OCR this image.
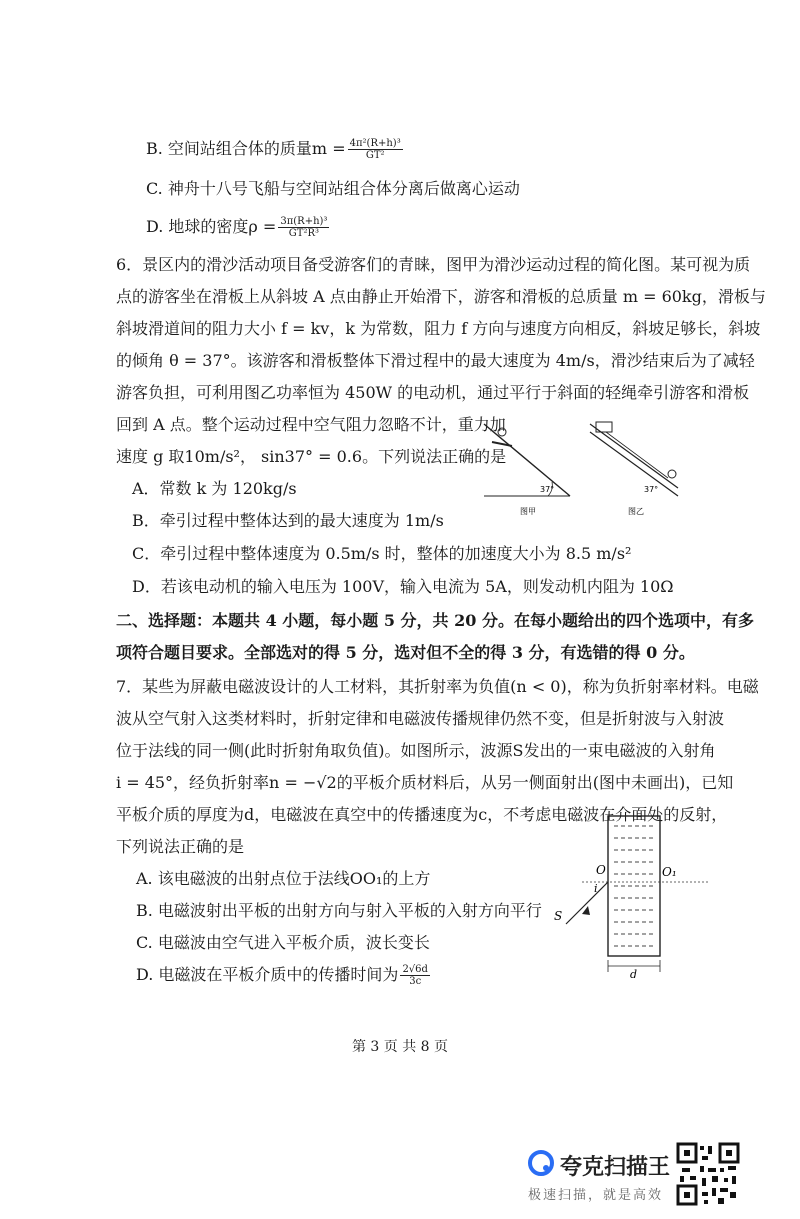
B. 空间站组合体的质量$m = \frac{\text{4π²(R+h)³}}{\text{GT²}}$
C. 神舟十八号飞船与空间站组合体分离后做离心运动
D. 地球的密度$\rho = \frac{\text{3π(R+h)³}}{\text{GT²R³}}$
6．景区内的滑沙活动项目备受游客们的青睐，图甲为滑沙运动过程的简化图。某可视为质
点的游客坐在滑板上从斜坡 A 点由静止开始滑下，游客和滑板的总质量 m = 60kg，滑板与
斜坡滑道间的阻力大小 f = kv，k 为常数，阻力 f 方向与速度方向相反，斜坡足够长，斜坡
的倾角 θ = 37°。该游客和滑板整体下滑过程中的最大速度为 4m/s，滑沙结束后为了减轻
游客负担，可利用图乙功率恒为 450W 的电动机，通过平行于斜面的轻绳牵引游客和滑板
回到 A 点。整个运动过程中空气阻力忽略不计，重力加
速度 g 取10m/s²， sin37° = 0.6。下列说法正确的是
A．常数 k 为 120kg/s
B．牵引过程中整体达到的最大速度为 1m/s
C．牵引过程中整体速度为 0.5m/s 时，整体的加速度大小为 8.5 m/s²
D．若该电动机的输入电压为 100V，输入电流为 5A，则发动机内阻为 10Ω
37°
图甲
37°
图乙
二、选择题：本题共 4 小题，每小题 5 分，共 20 分。在每小题给出的四个选项中，有多
项符合题目要求。全部选对的得 5 分，选对但不全的得 3 分，有选错的得 0 分。
7．某些为屏蔽电磁波设计的人工材料，其折射率为负值(n < 0)，称为负折射率材料。电磁
波从空气射入这类材料时，折射定律和电磁波传播规律仍然不变，但是折射波与入射波
位于法线的同一侧(此时折射角取负值)。如图所示，波源S发出的一束电磁波的入射角
i = 45°，经负折射率n = −√2的平板介质材料后，从另一侧面射出(图中未画出)，已知
平板介质的厚度为d，电磁波在真空中的传播速度为c，不考虑电磁波在介面处的反射，
下列说法正确的是
A. 该电磁波的出射点位于法线OO₁的上方
B. 电磁波射出平板的出射方向与射入平板的入射方向平行
C. 电磁波由空气进入平板介质，波长变长
D. 电磁波在平板介质中的传播时间为 $\frac{2√6d}{3c}$
O	O₁
i
S
d
第 3 页 共 8 页
夸克扫描王
极速扫描，就是高效
